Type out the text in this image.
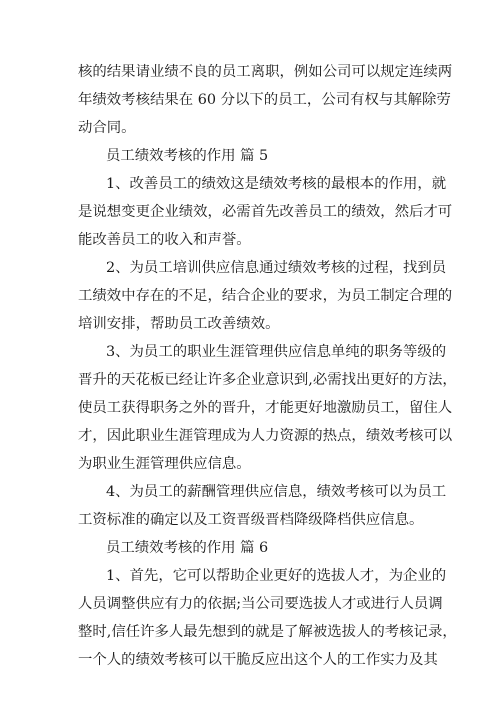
核的结果请业绩不良的员工离职，例如公司可以规定连续两
年绩效考核结果在 60 分以下的员工，公司有权与其解除劳
动合同。
员工绩效考核的作用 篇 5
1、改善员工的绩效这是绩效考核的最根本的作用，就
是说想变更企业绩效，必需首先改善员工的绩效，然后才可
能改善员工的收入和声誉。
2、为员工培训供应信息通过绩效考核的过程，找到员
工绩效中存在的不足，结合企业的要求，为员工制定合理的
培训安排，帮助员工改善绩效。
3、为员工的职业生涯管理供应信息单纯的职务等级的
晋升的天花板已经让许多企业意识到,必需找出更好的方法，
使员工获得职务之外的晋升，才能更好地激励员工，留住人
才，因此职业生涯管理成为人力资源的热点，绩效考核可以
为职业生涯管理供应信息。
4、为员工的薪酬管理供应信息，绩效考核可以为员工
工资标准的确定以及工资晋级晋档降级降档供应信息。
员工绩效考核的作用 篇 6
1、首先，它可以帮助企业更好的选拔人才，为企业的
人员调整供应有力的依据;当公司要选拔人才或进行人员调
整时,信任许多人最先想到的就是了解被选拔人的考核记录，
一个人的绩效考核可以干脆反应出这个人的工作实力及其
